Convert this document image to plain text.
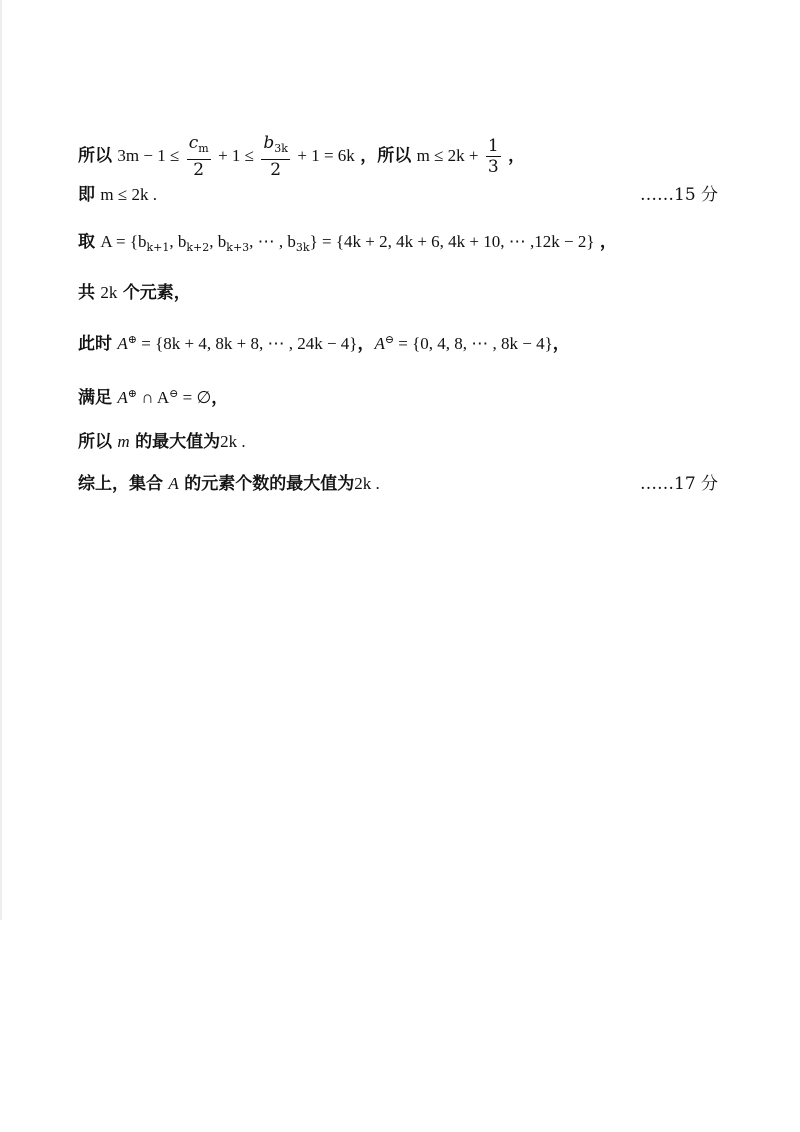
所以 $3m - 1 \le \frac{c_m}{2} + 1 \le \frac{b_{3k}}{2} + 1 = 6k$ ，所以 $m \le 2k + \frac{1}{3}$ ，
即 m ≤ 2k .	……15 分
取 $A = \{b_{k+1}$, $b_{k+2}$, $b_{k+3}$, ⋯ , $b_{3k}\} = \{4k + 2$, 4k + 6, 4k + 10, ⋯ ,12k − 2} ，
共 2k 个元素，
此时 A⊕ = {8k + 4, 8k + 8, ⋯ , 24k − 4}，A⊖ = {0, 4, 8, ⋯ , 8k − 4}，
满足 A⊕ ∩ A⊖ = ∅，
所以 m 的最大值为2k .
综上，集合 A 的元素个数的最大值为2k .	……17 分
